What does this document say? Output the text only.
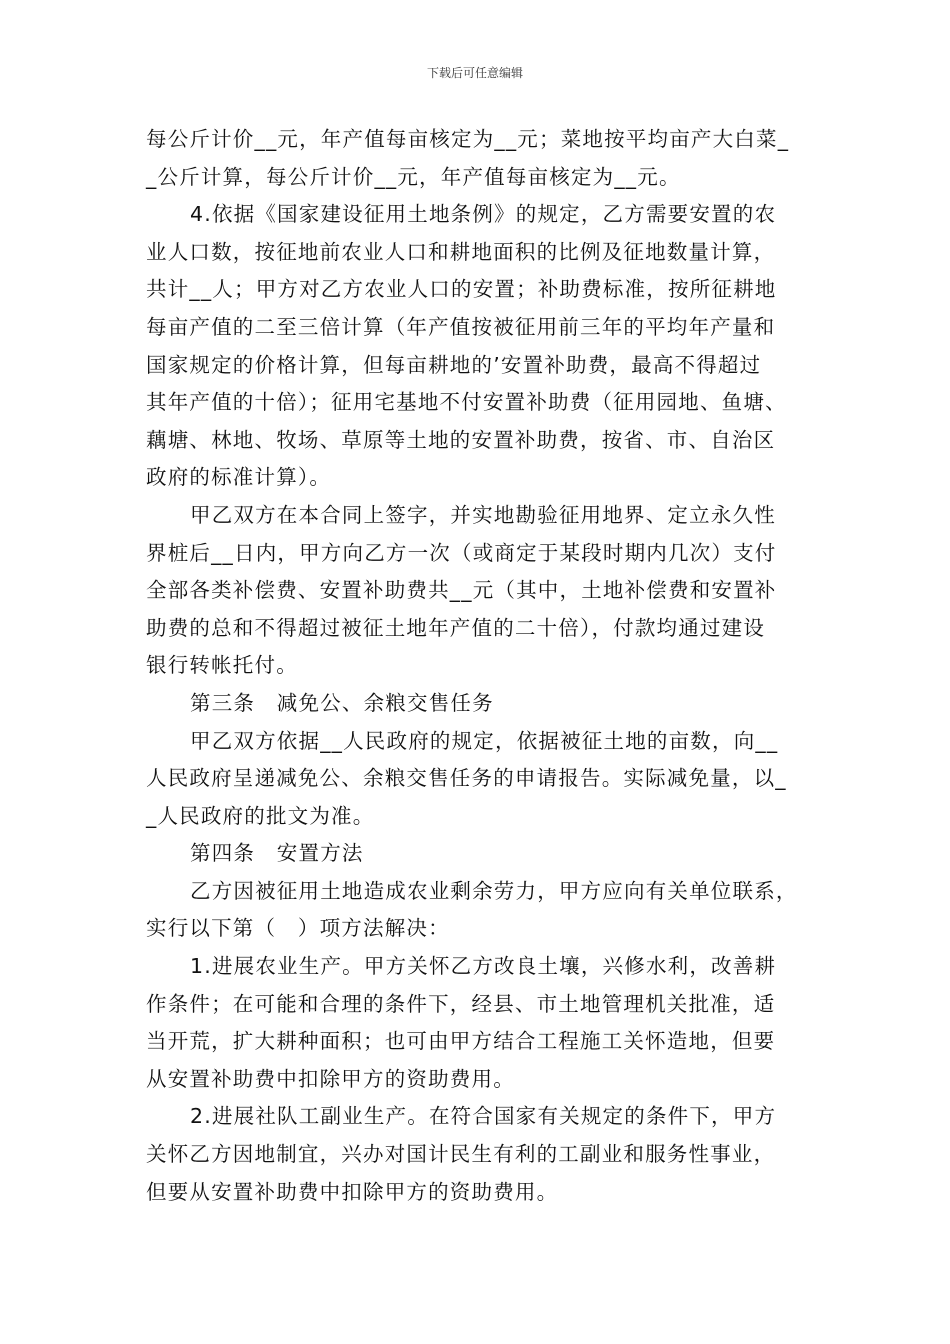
下载后可任意编辑
每公斤计价__元，年产值每亩核定为__元；菜地按平均亩产大白菜_
_公斤计算，每公斤计价__元，年产值每亩核定为__元。
4.依据《国家建设征用土地条例》的规定，乙方需要安置的农
业人口数，按征地前农业人口和耕地面积的比例及征地数量计算，
共计__人；甲方对乙方农业人口的安置；补助费标准，按所征耕地
每亩产值的二至三倍计算（年产值按被征用前三年的平均年产量和
国家规定的价格计算，但每亩耕地的’安置补助费，最高不得超过
其年产值的十倍）；征用宅基地不付安置补助费（征用园地、鱼塘、
藕塘、林地、牧场、草原等土地的安置补助费，按省、市、自治区
政府的标准计算）。
甲乙双方在本合同上签字，并实地勘验征用地界、定立永久性
界桩后__日内，甲方向乙方一次（或商定于某段时期内几次）支付
全部各类补偿费、安置补助费共__元（其中，土地补偿费和安置补
助费的总和不得超过被征土地年产值的二十倍），付款均通过建设
银行转帐托付。
第三条　减免公、余粮交售任务
甲乙双方依据__人民政府的规定，依据被征土地的亩数，向__
人民政府呈递减免公、余粮交售任务的申请报告。实际减免量，以_
_人民政府的批文为准。
第四条　安置方法
乙方因被征用土地造成农业剩余劳力，甲方应向有关单位联系，
实行以下第（　）项方法解决：
1.进展农业生产。甲方关怀乙方改良土壤，兴修水利，改善耕
作条件；在可能和合理的条件下，经县、市土地管理机关批准，适
当开荒，扩大耕种面积；也可由甲方结合工程施工关怀造地，但要
从安置补助费中扣除甲方的资助费用。
2.进展社队工副业生产。在符合国家有关规定的条件下，甲方
关怀乙方因地制宜，兴办对国计民生有利的工副业和服务性事业，
但要从安置补助费中扣除甲方的资助费用。
